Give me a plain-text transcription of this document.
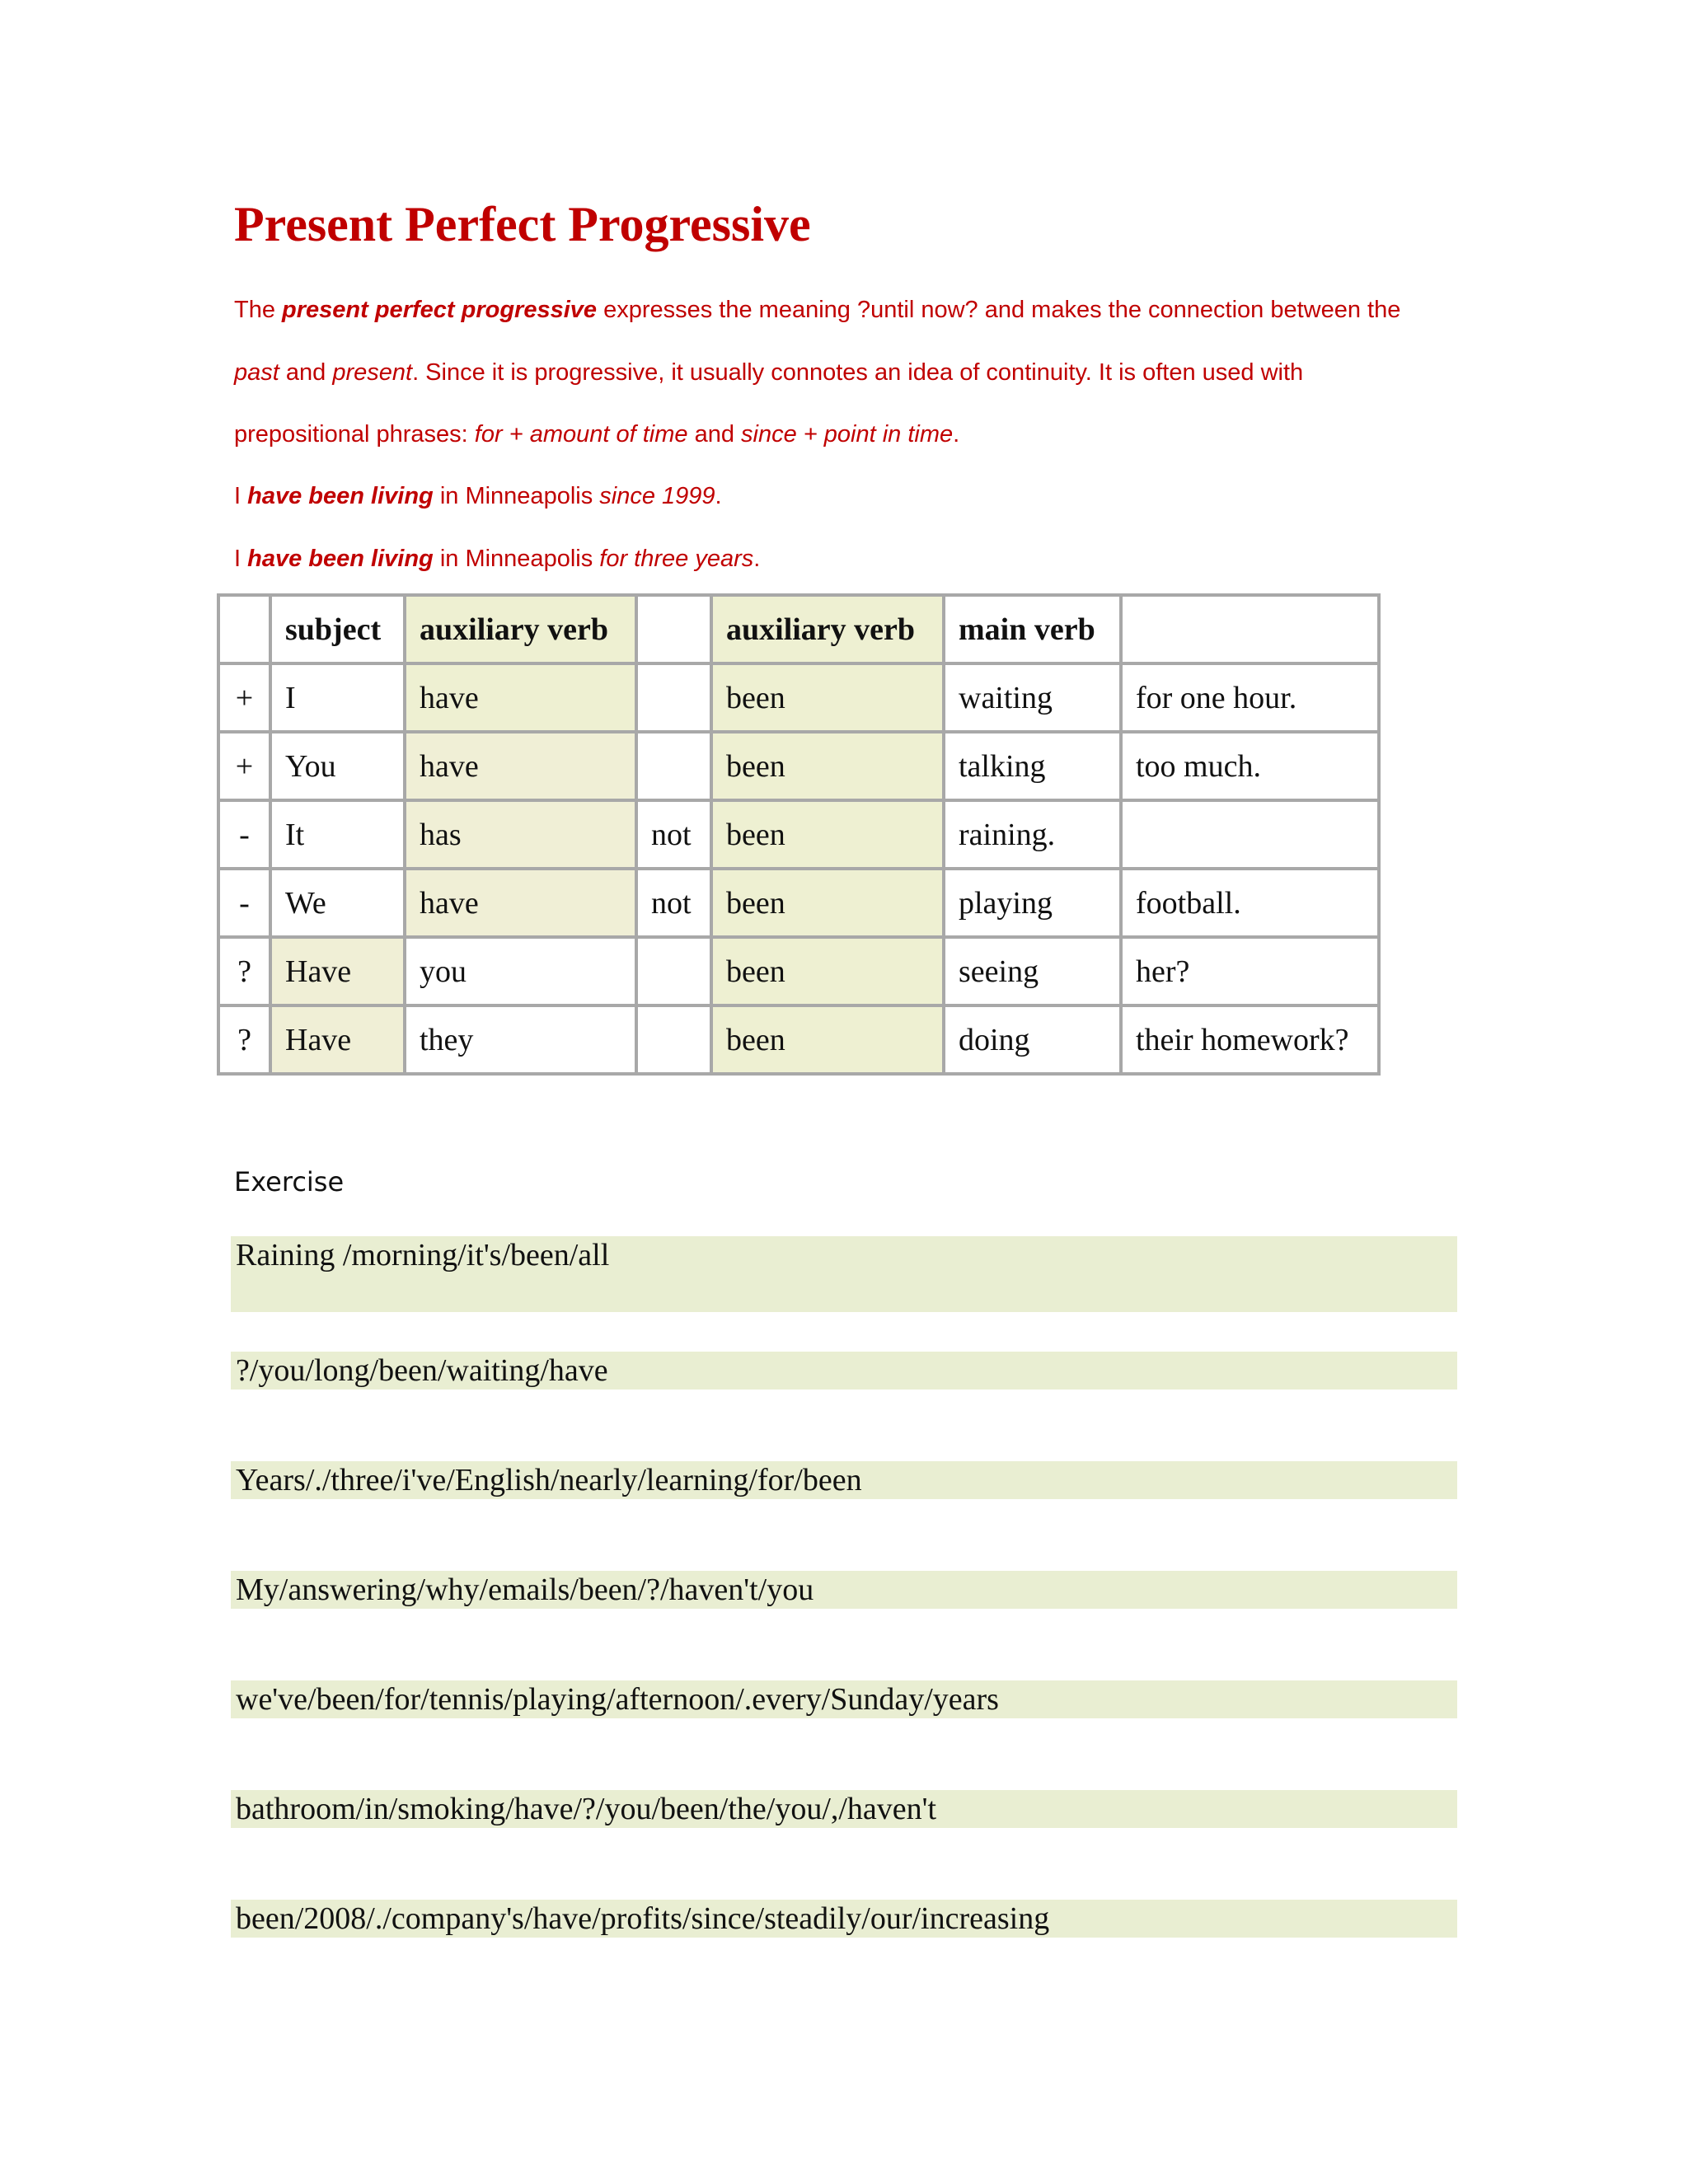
Present Perfect Progressive
The present perfect progressive expresses the meaning ?until now? and makes the connection between the
past and present. Since it is progressive, it usually connotes an idea of continuity. It is often used with
prepositional phrases: for + amount of time and since + point in time.
I have been living in Minneapolis since 1999.
I have been living in Minneapolis for three years.
	subject	auxiliary verb		auxiliary verb	main verb	
+	I	have		been	waiting	for one hour.
+	You	have		been	talking	too much.
-	It	has	not	been	raining.	
-	We	have	not	been	playing	football.
?	Have	you		been	seeing	her?
?	Have	they		been	doing	their homework?
Exercise
Raining /morning/it's/been/all
?/you/long/been/waiting/have
Years/./three/i've/English/nearly/learning/for/been
My/answering/why/emails/been/?/haven't/you
we've/been/for/tennis/playing/afternoon/.every/Sunday/years
bathroom/in/smoking/have/?/you/been/the/you/,/haven't
been/2008/./company's/have/profits/since/steadily/our/increasing
